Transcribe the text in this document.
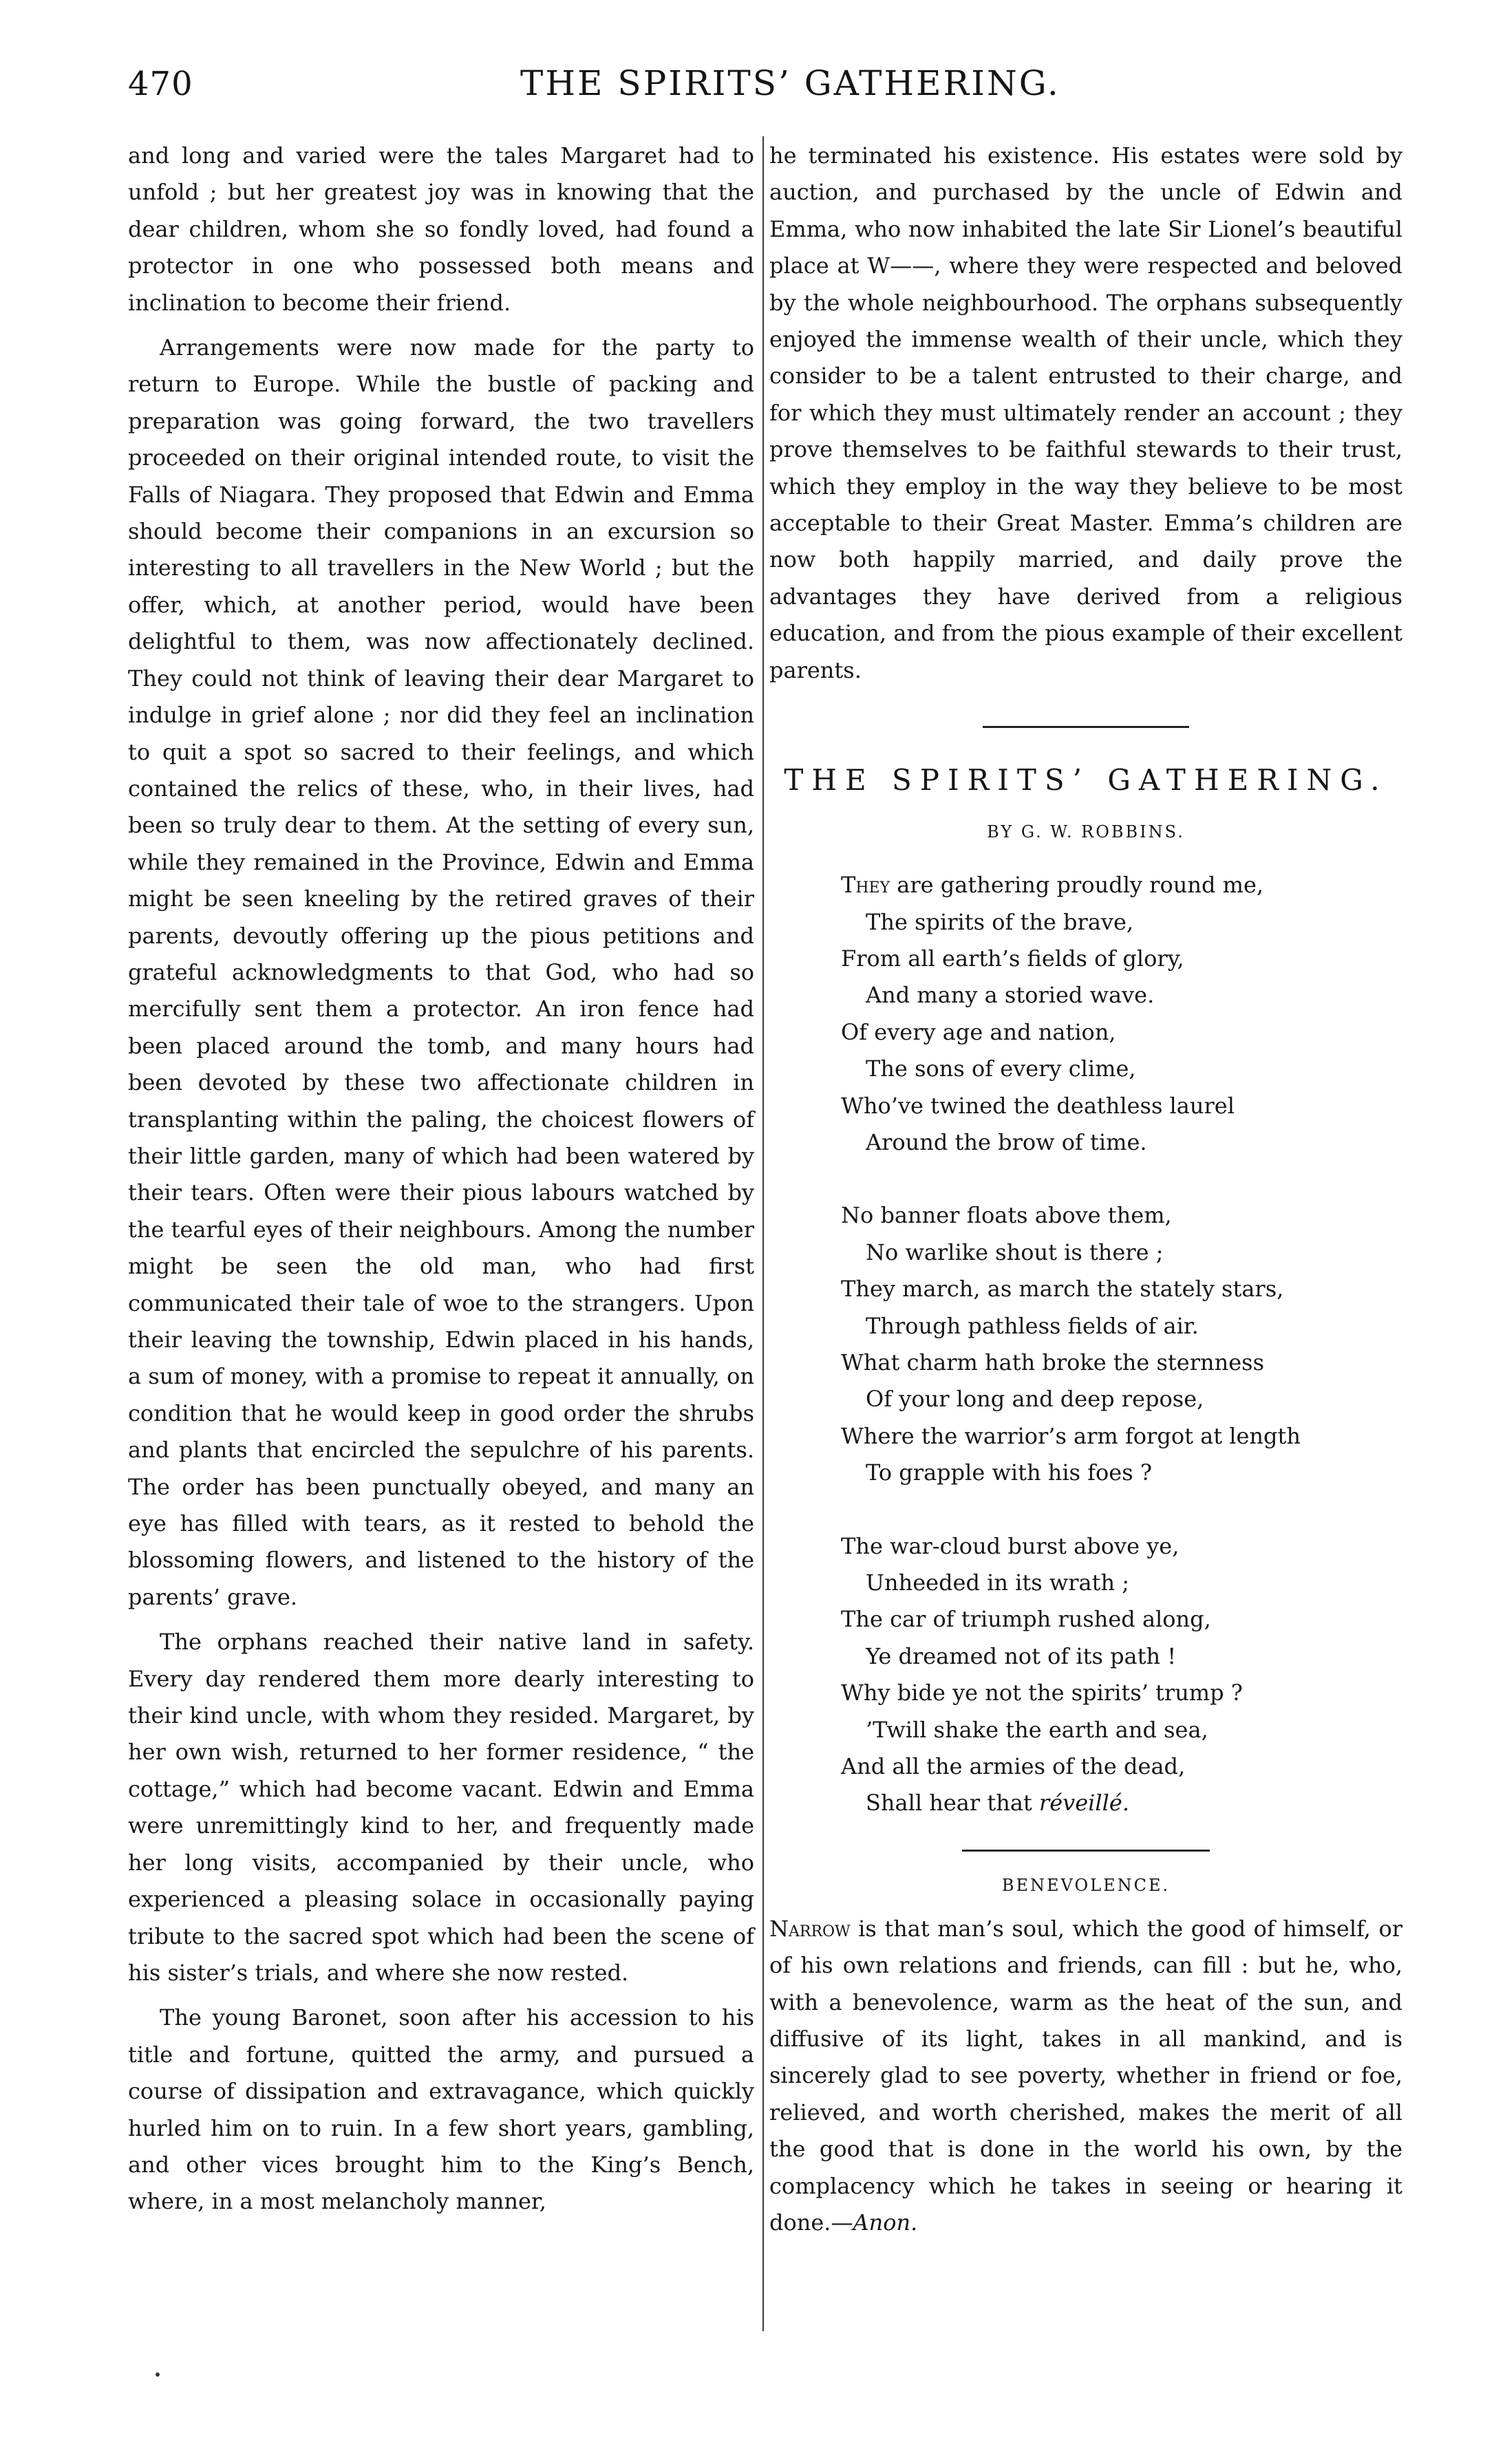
470	THE SPIRITS’ GATHERING.

and long and varied were the tales Margaret had to unfold ; but her greatest joy was in knowing that the dear children, whom she so fondly loved, had found a protector in one who possessed both means and inclination to become their friend.

Arrangements were now made for the party to return to Europe. While the bustle of packing and preparation was going forward, the two travellers proceeded on their original intended route, to visit the Falls of Niagara. They proposed that Edwin and Emma should become their companions in an excursion so interesting to all travellers in the New World ; but the offer, which, at another period, would have been delightful to them, was now affectionately declined. They could not think of leaving their dear Margaret to indulge in grief alone ; nor did they feel an inclination to quit a spot so sacred to their feelings, and which contained the relics of these, who, in their lives, had been so truly dear to them. At the setting of every sun, while they remained in the Province, Edwin and Emma might be seen kneeling by the retired graves of their parents, devoutly offering up the pious petitions and grateful acknowledgments to that God, who had so mercifully sent them a protector. An iron fence had been placed around the tomb, and many hours had been devoted by these two affectionate children in transplanting within the paling, the choicest flowers of their little garden, many of which had been watered by their tears. Often were their pious labours watched by the tearful eyes of their neighbours. Among the number might be seen the old man, who had first communicated their tale of woe to the strangers. Upon their leaving the township, Edwin placed in his hands, a sum of money, with a promise to repeat it annually, on condition that he would keep in good order the shrubs and plants that encircled the sepulchre of his parents. The order has been punctually obeyed, and many an eye has filled with tears, as it rested to behold the blossoming flowers, and listened to the history of the parents’ grave.

The orphans reached their native land in safety. Every day rendered them more dearly interesting to their kind uncle, with whom they resided. Margaret, by her own wish, returned to her former residence, “ the cottage,” which had become vacant. Edwin and Emma were unremittingly kind to her, and frequently made her long visits, accompanied by their uncle, who experienced a pleasing solace in occasionally paying tribute to the sacred spot which had been the scene of his sister’s trials, and where she now rested.

The young Baronet, soon after his accession to his title and fortune, quitted the army, and pursued a course of dissipation and extravagance, which quickly hurled him on to ruin. In a few short years, gambling, and other vices brought him to the King’s Bench, where, in a most melancholy manner,

he terminated his existence. His estates were sold by auction, and purchased by the uncle of Edwin and Emma, who now inhabited the late Sir Lionel’s beautiful place at W——, where they were respected and beloved by the whole neighbourhood. The orphans subsequently enjoyed the immense wealth of their uncle, which they consider to be a talent entrusted to their charge, and for which they must ultimately render an account ; they prove themselves to be faithful stewards to their trust, which they employ in the way they believe to be most acceptable to their Great Master. Emma’s children are now both happily married, and daily prove the advantages they have derived from a religious education, and from the pious example of their excellent parents.

THE SPIRITS’ GATHERING.
BY G. W. ROBBINS.
They are gathering proudly round me,
The spirits of the brave,
From all earth’s fields of glory,
And many a storied wave.
Of every age and nation,
The sons of every clime,
Who’ve twined the deathless laurel
Around the brow of time.
No banner floats above them,
No warlike shout is there ;
They march, as march the stately stars,
Through pathless fields of air.
What charm hath broke the sternness
Of your long and deep repose,
Where the warrior’s arm forgot at length
To grapple with his foes ?
The war-cloud burst above ye,
Unheeded in its wrath ;
The car of triumph rushed along,
Ye dreamed not of its path !
Why bide ye not the spirits’ trump ?
’Twill shake the earth and sea,
And all the armies of the dead,
Shall hear that réveillé.
BENEVOLENCE.

Narrow is that man’s soul, which the good of himself, or of his own relations and friends, can fill : but he, who, with a benevolence, warm as the heat of the sun, and diffusive of its light, takes in all mankind, and is sincerely glad to see poverty, whether in friend or foe, relieved, and worth cherished, makes the merit of all the good that is done in the world his own, by the complacency which he takes in seeing or hearing it done.—Anon.
